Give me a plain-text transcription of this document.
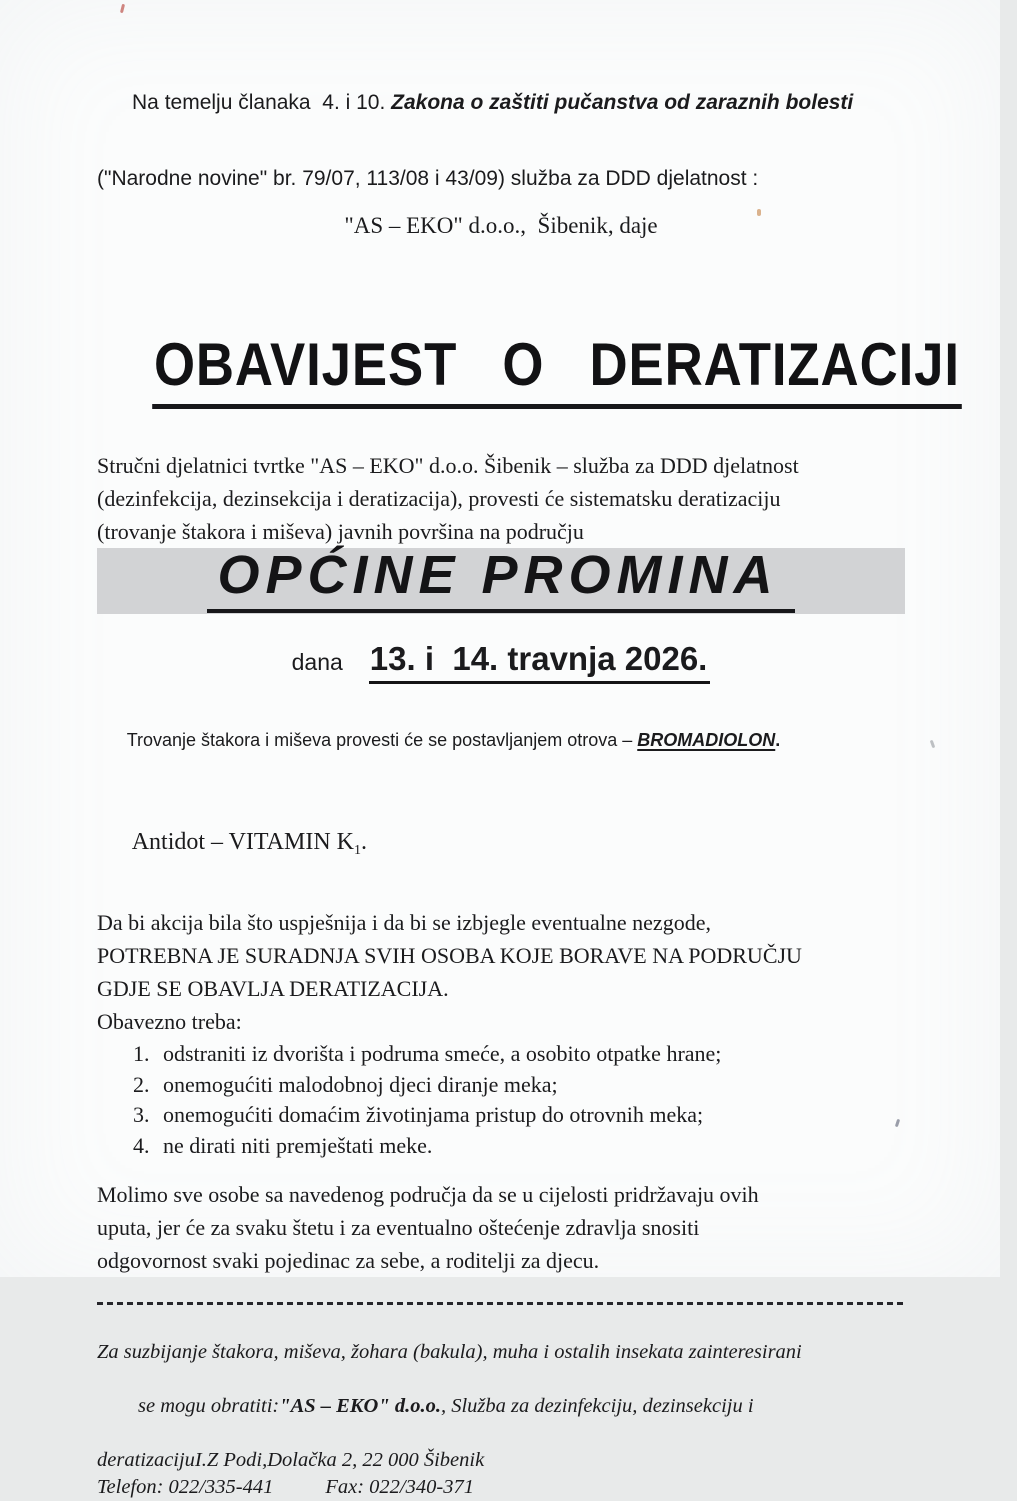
Na temelju članaka  4. i 10. Zakona o zaštiti pučanstva od zaraznih bolesti

("Narodne novine" br. 79/07, 113/08 i 43/09) služba za DDD djelatnost :
"AS – EKO" d.o.o.,  Šibenik, daje
OBAVIJEST  O  DERATIZACIJI
Stručni djelatnici tvrtke "AS – EKO" d.o.o. Šibenik – služba za DDD djelatnost
(dezinfekcija, dezinsekcija i deratizacija), provesti će sistematsku deratizaciju
(trovanje štakora i miševa) javnih površina na području
OPĆINE PROMINA
dana 13. i  14. travnja 2026.

Trovanje štakora i miševa provesti će se postavljanjem otrova – BROMADIOLON.

Antidot – VITAMIN $K_1$.

Da bi akcija bila što uspješnija i da bi se izbjegle eventualne nezgode,
POTREBNA JE SURADNJA SVIH OSOBA KOJE BORAVE NA PODRUČJU
GDJE SE OBAVLJA DERATIZACIJA.
Obavezno treba:
1. odstraniti iz dvorišta i podruma smeće, a osobito otpatke hrane;
2. onemogućiti malodobnoj djeci diranje meka;
3. onemogućiti domaćim životinjama pristup do otrovnih meka;
4. ne dirati niti premještati meke.
Molimo sve osobe sa navedenog područja da se u cijelosti pridržavaju ovih
uputa, jer će za svaku štetu i za eventualno oštećenje zdravlja snositi
odgovornost svaki pojedinac za sebe, a roditelji za djecu.
Za suzbijanje štakora, miševa, žohara (bakula), muha i ostalih insekata zainteresirani

se mogu obratiti:"AS – EKO" d.o.o., Služba za dezinfekciju, dezinsekciju i

deratizacijuI.Z Podi,Dolačka 2, 22 000 Šibenik
Telefon: 022/335-441	Fax: 022/340-371
